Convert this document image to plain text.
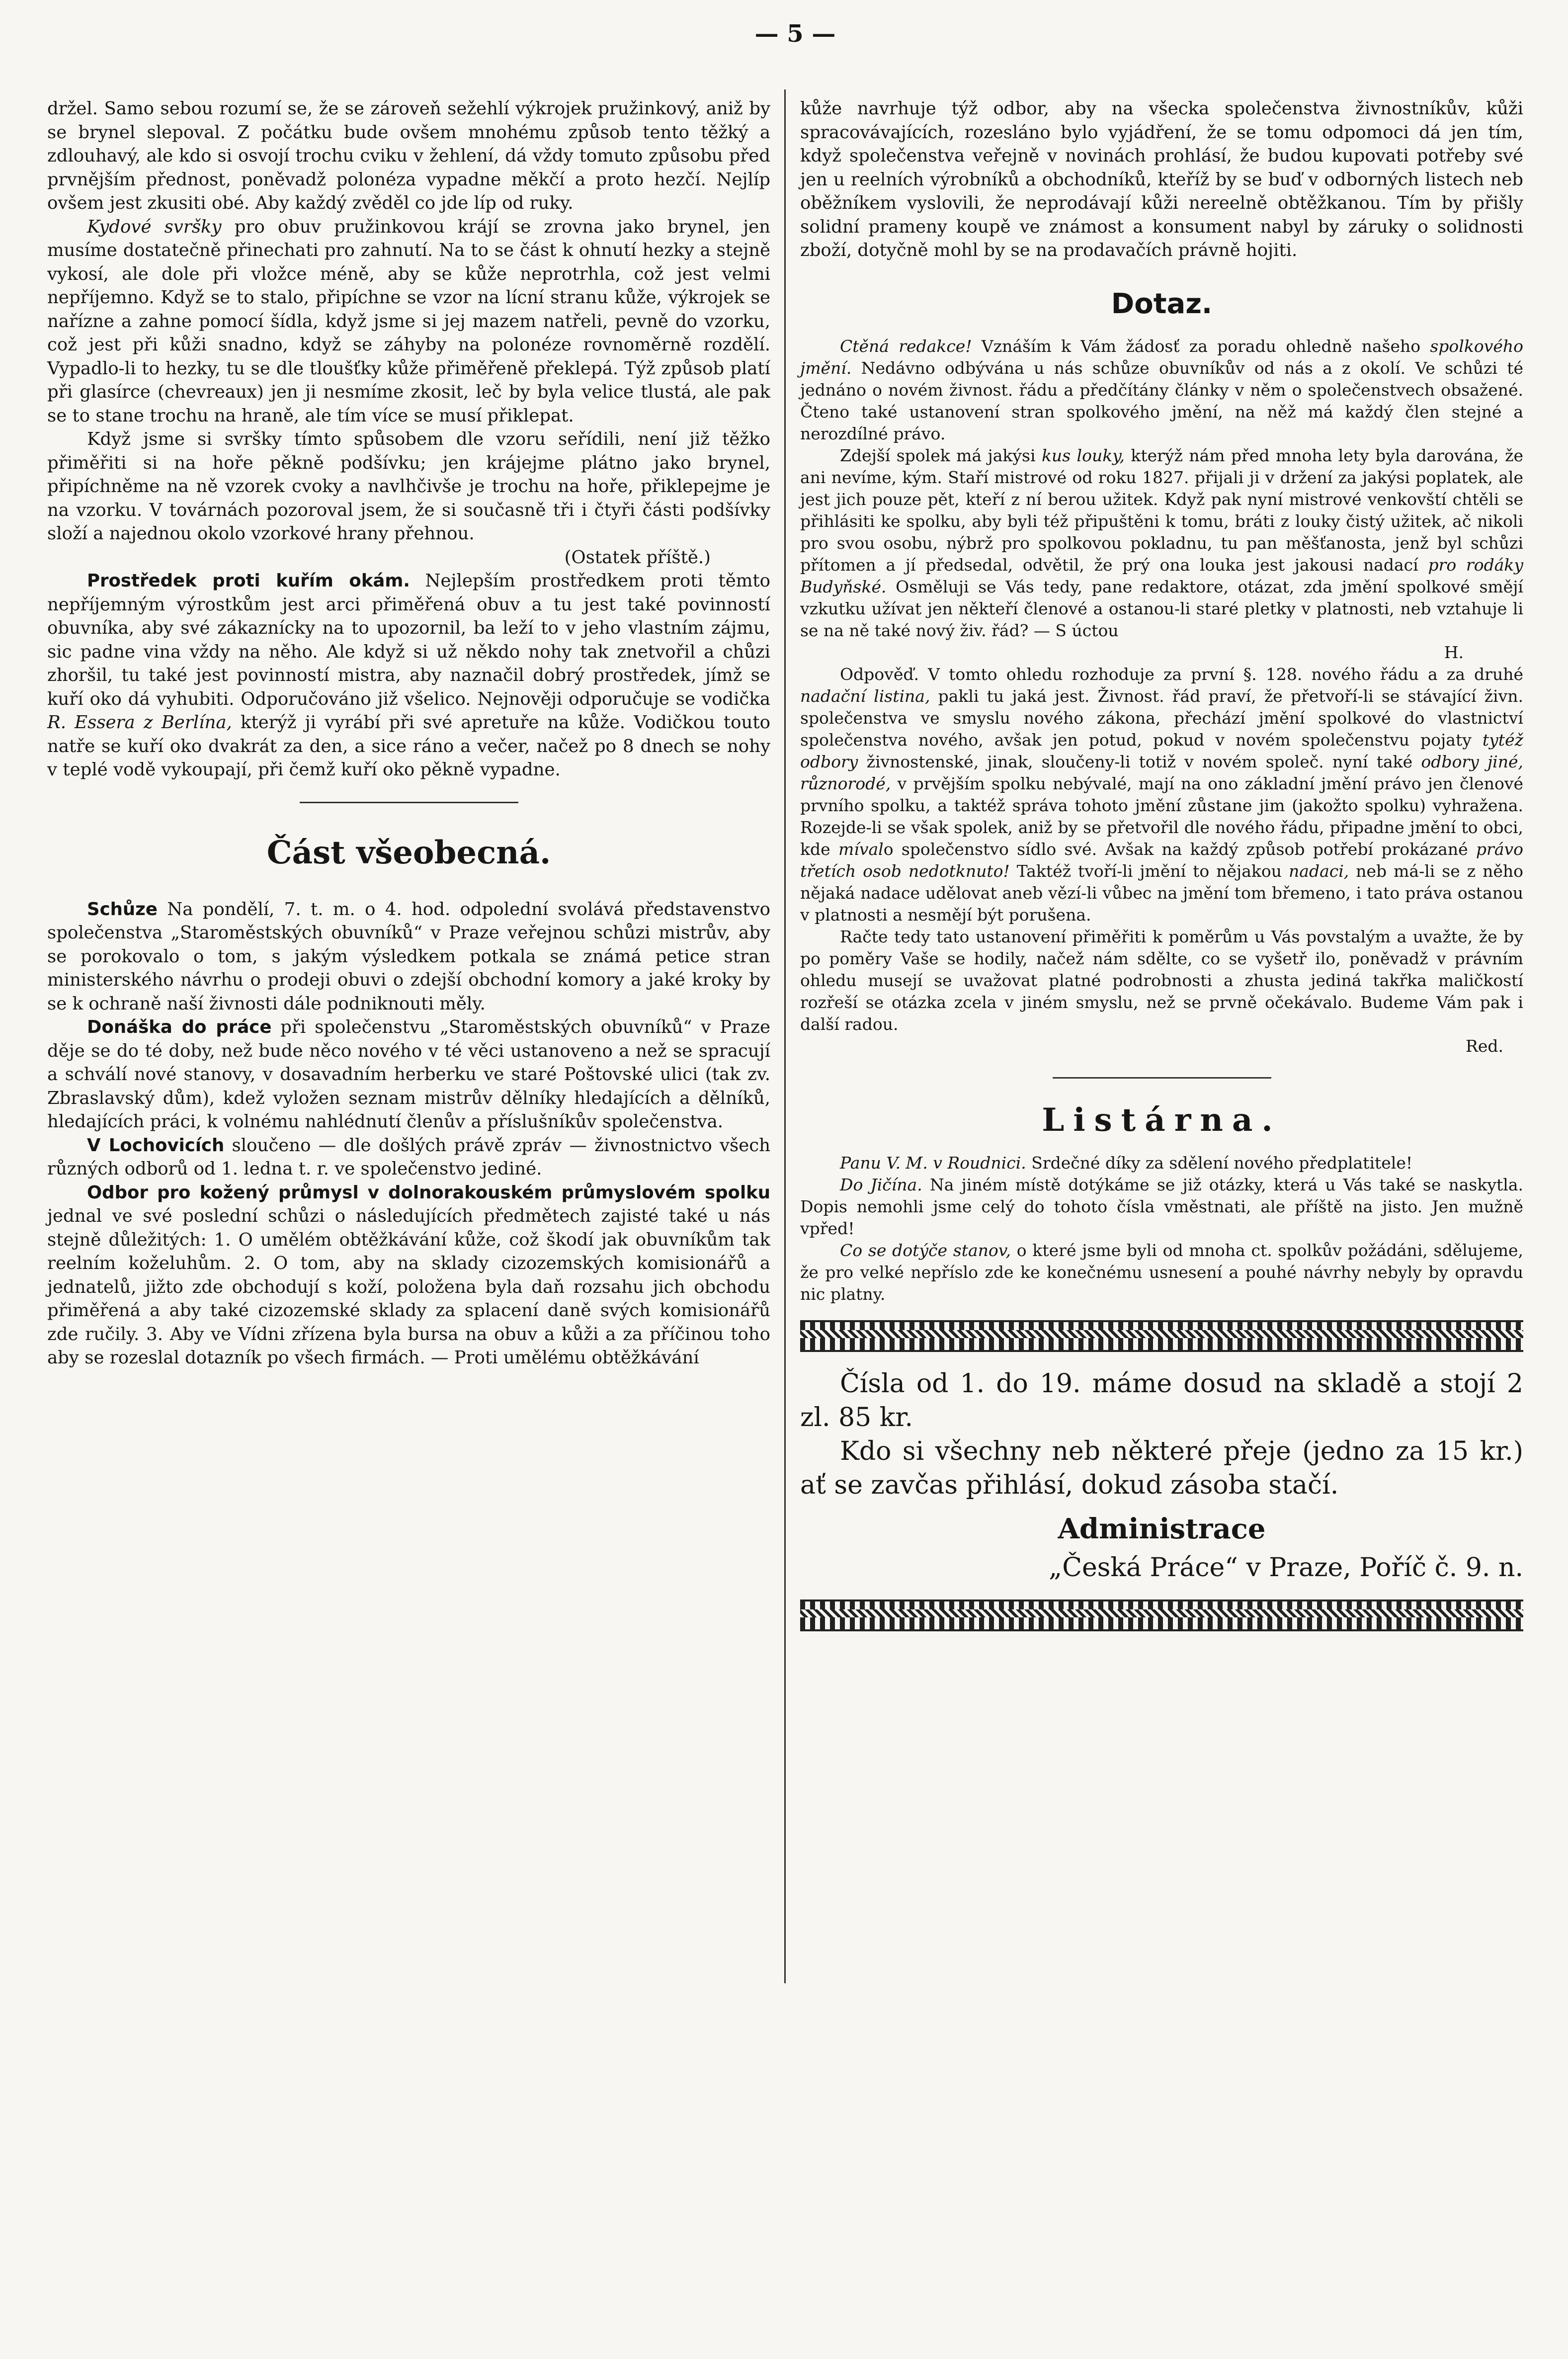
— 5 —

držel. Samo sebou rozumí se, že se zároveň sežehlí výkrojek pružinkový, aniž by se brynel slepoval. Z počátku bude ovšem mnohému způsob tento těžký a zdlouhavý, ale kdo si osvojí trochu cviku v žehlení, dá vždy tomuto způsobu před prvnějším přednost, poněvadž polonéza vypadne měkčí a proto hezčí. Nejlíp ovšem jest zkusiti obé. Aby každý zvěděl co jde líp od ruky.

Kydové svršky pro obuv pružinkovou krájí se zrovna jako brynel, jen musíme dostatečně přinechati pro zahnutí. Na to se část k ohnutí hezky a stejně vykosí, ale dole při vložce méně, aby se kůže neprotrhla, což jest velmi nepříjemno. Když se to stalo, připíchne se vzor na lícní stranu kůže, výkrojek se nařízne a zahne pomocí šídla, když jsme si jej mazem natřeli, pevně do vzorku, což jest při kůži snadno, když se záhyby na polonéze rovnoměrně rozdělí. Vypadlo-li to hezky, tu se dle tloušťky kůže přiměřeně překlepá. Týž způsob platí při glasírce (chevreaux) jen ji nesmíme zkosit, leč by byla velice tlustá, ale pak se to stane trochu na hraně, ale tím více se musí přiklepat.

Když jsme si svršky tímto spůsobem dle vzoru seřídili, není již těžko přiměřiti si na hoře pěkně podšívku; jen krájejme plátno jako brynel, připíchněme na ně vzorek cvoky a navlhčivše je trochu na hoře, přiklepejme je na vzorku. V továrnách pozoroval jsem, že si současně tři i čtyři části podšívky složí a najednou okolo vzorkové hrany přehnou.

(Ostatek příště.)

Prostředek proti kuřím okám. Nejlepším prostředkem proti těmto nepříjemným výrostkům jest arci přiměřená obuv a tu jest také povinností obuvníka, aby své zákaznícky na to upozornil, ba leží to v jeho vlastním zájmu, sic padne vina vždy na něho. Ale když si už někdo nohy tak znetvořil a chůzi zhoršil, tu také jest povinností mistra, aby naznačil dobrý prostředek, jímž se kuří oko dá vyhubiti. Odporučováno již všelico. Nejnověji odporučuje se vodička R. Essera z Berlína, kterýž ji vyrábí při své apretuře na kůže. Vodičkou touto natře se kuří oko dvakrát za den, a sice ráno a večer, načež po 8 dnech se nohy v teplé vodě vykoupají, při čemž kuří oko pěkně vypadne.

Část všeobecná.

Schůze Na pondělí, 7. t. m. o 4. hod. odpolední svolává představenstvo společenstva „Staroměstských obuvníků“ v Praze veřejnou schůzi mistrův, aby se porokovalo o tom, s jakým výsledkem potkala se známá petice stran ministerského návrhu o prodeji obuvi o zdejší obchodní komory a jaké kroky by se k ochraně naší živnosti dále podniknouti měly.

Donáška do práce při společenstvu „Staroměstských obuvníků“ v Praze děje se do té doby, než bude něco nového v té věci ustanoveno a než se spracují a schválí nové stanovy, v dosavadním herberku ve staré Poštovské ulici (tak zv. Zbraslavský dům), kdež vyložen seznam mistrův dělníky hledajících a dělníků, hledajících práci, k volnému nahlédnutí členův a příslušníkův společenstva.

V Lochovicích sloučeno — dle došlých právě zpráv — živnostnictvo všech různých odborů od 1. ledna t. r. ve společenstvo jediné.

Odbor pro kožený průmysl v dolnorakouském průmyslovém spolku jednal ve své poslední schůzi o následujících předmětech zajisté také u nás stejně důležitých: 1. O umělém obtěžkávání kůže, což škodí jak obuvníkům tak reelním koželuhům. 2. O tom, aby na sklady cizozemských komisionářů a jednatelů, jižto zde obchodují s koží, položena byla daň rozsahu jich obchodu přiměřená a aby také cizozemské sklady za splacení daně svých komisionářů zde ručily. 3. Aby ve Vídni zřízena byla bursa na obuv a kůži a za příčinou toho aby se rozeslal dotazník po všech firmách. — Proti umělému obtěžkávání

kůže navrhuje týž odbor, aby na všecka společenstva živnostníkův, kůži spracovávajících, rozesláno bylo vyjádření, že se tomu odpomoci dá jen tím, když společenstva veřejně v novinách prohlásí, že budou kupovati potřeby své jen u reelních výrobníků a obchodníků, kteříž by se buď v odborných listech neb oběžníkem vyslovili, že neprodávají kůži nereelně obtěžkanou. Tím by přišly solidní prameny koupě ve známost a konsument nabyl by záruky o solidnosti zboží, dotyčně mohl by se na prodavačích právně hojiti.

Dotaz.

Ctěná redakce! Vznáším k Vám žádosť za poradu ohledně našeho spolkového jmění. Nedávno odbývána u nás schůze obuvníkův od nás a z okolí. Ve schůzi té jednáno o novém živnost. řádu a předčítány články v něm o společenstvech obsažené. Čteno také ustanovení stran spolkového jmění, na něž má každý člen stejné a nerozdílné právo.

Zdejší spolek má jakýsi kus louky, kterýž nám před mnoha lety byla darována, že ani nevíme, kým. Staří mistrové od roku 1827. přijali ji v držení za jakýsi poplatek, ale jest jich pouze pět, kteří z ní berou užitek. Když pak nyní mistrové venkovští chtěli se přihlásiti ke spolku, aby byli též připuštěni k tomu, bráti z louky čistý užitek, ač nikoli pro svou osobu, nýbrž pro spolkovou pokladnu, tu pan měšťanosta, jenž byl schůzi přítomen a jí předsedal, odvětil, že prý ona louka jest jakousi nadací pro rodáky Budyňské. Osměluji se Vás tedy, pane redaktore, otázat, zda jmění spolkové smějí vzkutku užívat jen někteří členové a ostanou-li staré pletky v platnosti, neb vztahuje li se na ně také nový živ. řád? — S úctou

H.

Odpověď. V tomto ohledu rozhoduje za první §. 128. nového řádu a za druhé nadační listina, pakli tu jaká jest. Živnost. řád praví, že přetvoří-li se stávající živn. společenstva ve smyslu nového zákona, přechází jmění spolkové do vlastnictví společenstva nového, avšak jen potud, pokud v novém společenstvu pojaty tytéž odbory živnostenské, jinak, sloučeny-li totiž v novém společ. nyní také odbory jiné, různorodé, v prvějším spolku nebývalé, mají na ono základní jmění právo jen členové prvního spolku, a taktéž správa tohoto jmění zůstane jim (jakožto spolku) vyhražena. Rozejde-li se však spolek, aniž by se přetvořil dle nového řádu, připadne jmění to obci, kde mívalo společenstvo sídlo své. Avšak na každý způsob potřebí prokázané právo třetích osob nedotknuto! Taktéž tvoří-li jmění to nějakou nadaci, neb má-li se z něho nějaká nadace udělovat aneb vězí-li vůbec na jmění tom břemeno, i tato práva ostanou v platnosti a nesmějí být porušena.

Račte tedy tato ustanovení přiměřiti k poměrům u Vás povstalým a uvažte, že by po poměry Vaše se hodily, načež nám sdělte, co se vyšetř ilo, poněvadž v právním ohledu musejí se uvažovat platné podrobnosti a zhusta jediná takřka maličkostí rozřeší se otázka zcela v jiném smyslu, než se prvně očekávalo. Budeme Vám pak i další radou.

Red.
Listárna.

Panu V. M. v Roudnici. Srdečné díky za sdělení nového předplatitele!

Do Jičína. Na jiném místě dotýkáme se již otázky, která u Vás také se naskytla. Dopis nemohli jsme celý do tohoto čísla vměstnati, ale příště na jisto. Jen mužně vpřed!

Co se dotýče stanov, o které jsme byli od mnoha ct. spolkův požádáni, sdělujeme, že pro velké nepříslo zde ke konečnému usnesení a pouhé návrhy nebyly by opravdu nic platny.

Čísla od 1. do 19. máme dosud na skladě a stojí 2 zl. 85 kr.

Kdo si všechny neb některé přeje (jedno za 15 kr.) ať se zavčas přihlásí, dokud zásoba stačí.

Administrace

„Česká Práce“ v Praze, Poříč č. 9. n.
